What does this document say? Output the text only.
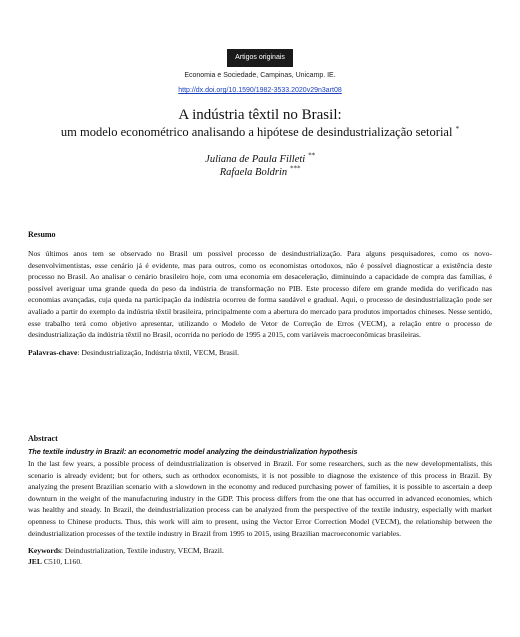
Artigos originais
Economia e Sociedade, Campinas, Unicamp. IE.
http://dx.doi.org/10.1590/1982-3533.2020v29n3art08
A indústria têxtil no Brasil:
um modelo econométrico analisando a hipótese de desindustrialização setorial *
Juliana de Paula Filleti **
Rafaela Boldrin ***
Resumo

Nos últimos anos tem se observado no Brasil um possível processo de desindustrialização. Para alguns pesquisadores, como os novo-desenvolvimentistas, esse cenário já é evidente, mas para outros, como os economistas ortodoxos, não é possível diagnosticar a existência deste processo no Brasil. Ao analisar o cenário brasileiro hoje, com uma economia em desaceleração, diminuindo a capacidade de compra das famílias, é possível averiguar uma grande queda do peso da indústria de transformação no PIB. Este processo difere em grande medida do verificado nas economias avançadas, cuja queda na participação da indústria ocorreu de forma saudável e gradual. Aqui, o processo de desindustrialização pode ser avaliado a partir do exemplo da indústria têxtil brasileira, principalmente com a abertura do mercado para produtos importados chineses. Nesse sentido, esse trabalho terá como objetivo apresentar, utilizando o Modelo de Vetor de Correção de Erros (VECM), a relação entre o processo de desindustrialização da indústria têxtil no Brasil, ocorrida no período de 1995 a 2015, com variáveis macroeconômicas brasileiras.

Palavras-chave: Desindustrialização, Indústria têxtil, VECM, Brasil.
Abstract

The textile industry in Brazil: an econometric model analyzing the deindustrialization hypothesis

In the last few years, a possible process of deindustrialization is observed in Brazil. For some researchers, such as the new developmentalists, this scenario is already evident; but for others, such as orthodox economists, it is not possible to diagnose the existence of this process in Brazil. By analyzing the present Brazilian scenario with a slowdown in the economy and reduced purchasing power of families, it is possible to ascertain a deep downturn in the weight of the manufacturing industry in the GDP. This process differs from the one that has occurred in advanced economies, which was healthy and steady. In Brazil, the deindustrialization process can be analyzed from the perspective of the textile industry, especially with market openness to Chinese products. Thus, this work will aim to present, using the Vector Error Correction Model (VECM), the relationship between the deindustrialization processes of the textile industry in Brazil from 1995 to 2015, using Brazilian macroeconomic variables.

Keywords: Deindustrialization, Textile industry, VECM, Brazil.
JEL C510, L160.
